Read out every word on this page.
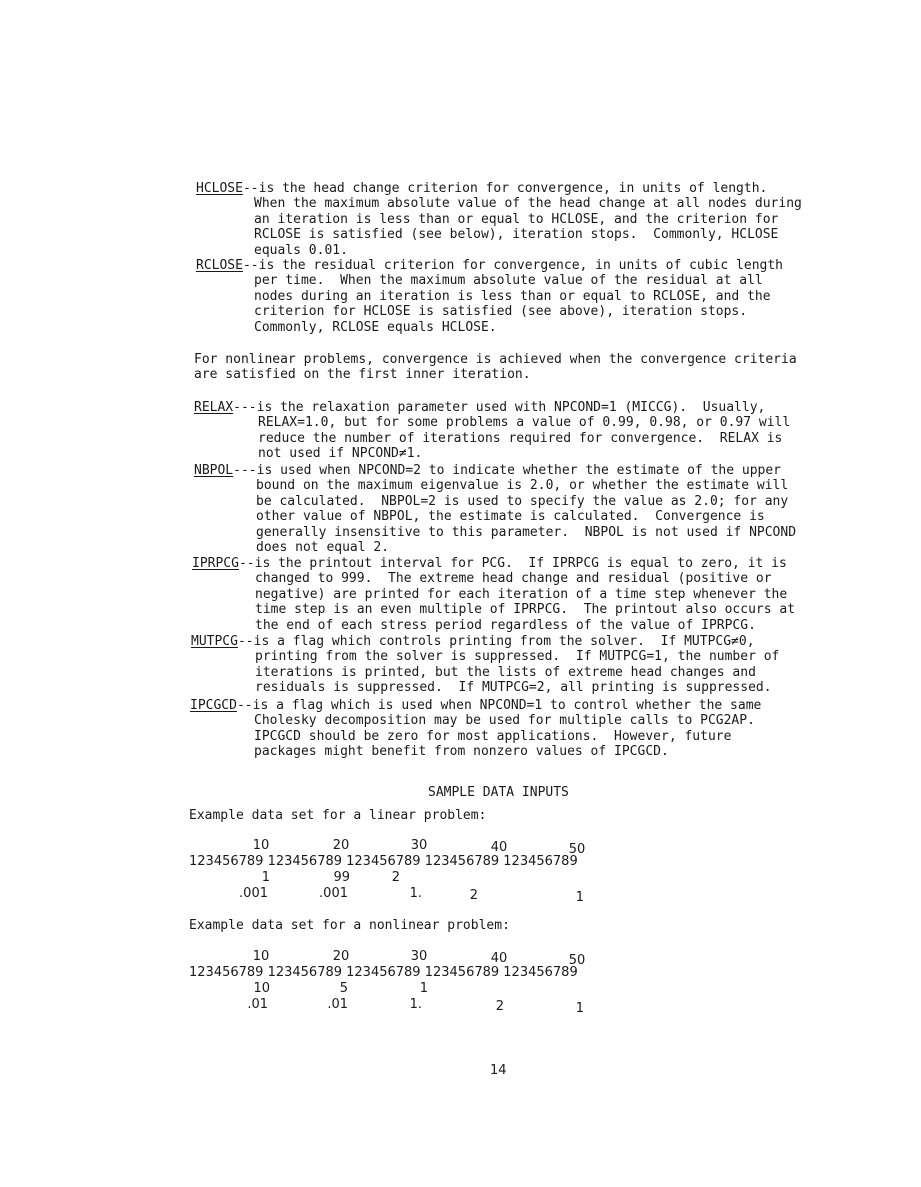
HCLOSE--is the head change criterion for convergence, in units of length.

When the maximum absolute value of the head change at all nodes during

an iteration is less than or equal to HCLOSE, and the criterion for

RCLOSE is satisfied (see below), iteration stops.  Commonly, HCLOSE

equals 0.01.

RCLOSE--is the residual criterion for convergence, in units of cubic length

per time.  When the maximum absolute value of the residual at all

nodes during an iteration is less than or equal to RCLOSE, and the

criterion for HCLOSE is satisfied (see above), iteration stops.

Commonly, RCLOSE equals HCLOSE.

For nonlinear problems, convergence is achieved when the convergence criteria

are satisfied on the first inner iteration.

RELAX---is the relaxation parameter used with NPCOND=1 (MICCG).  Usually,

RELAX=1.0, but for some problems a value of 0.99, 0.98, or 0.97 will

reduce the number of iterations required for convergence.  RELAX is

not used if NPCOND≠1.

NBPOL---is used when NPCOND=2 to indicate whether the estimate of the upper

bound on the maximum eigenvalue is 2.0, or whether the estimate will

be calculated.  NBPOL=2 is used to specify the value as 2.0; for any

other value of NBPOL, the estimate is calculated.  Convergence is

generally insensitive to this parameter.  NBPOL is not used if NPCOND

does not equal 2.

IPRPCG--is the printout interval for PCG.  If IPRPCG is equal to zero, it is

changed to 999.  The extreme head change and residual (positive or

negative) are printed for each iteration of a time step whenever the

time step is an even multiple of IPRPCG.  The printout also occurs at

the end of each stress period regardless of the value of IPRPCG.

MUTPCG--is a flag which controls printing from the solver.  If MUTPCG≠0,

printing from the solver is suppressed.  If MUTPCG=1, the number of

iterations is printed, but the lists of extreme head changes and

residuals is suppressed.  If MUTPCG=2, all printing is suppressed.

IPCGCD--is a flag which is used when NPCOND=1 to control whether the same

Cholesky decomposition may be used for multiple calls to PCG2AP.

IPCGCD should be zero for most applications.  However, future

packages might benefit from nonzero values of IPCGCD.

SAMPLE DATA INPUTS
Example data set for a linear problem:
10	20	30	40	50
123456789 123456789 123456789 123456789 123456789
1	99	2
.001	.001	1.	2	1
Example data set for a nonlinear problem:
10	20	30	40	50
123456789 123456789 123456789 123456789 123456789
10	5	1
.01	.01	1.	2	1
14
